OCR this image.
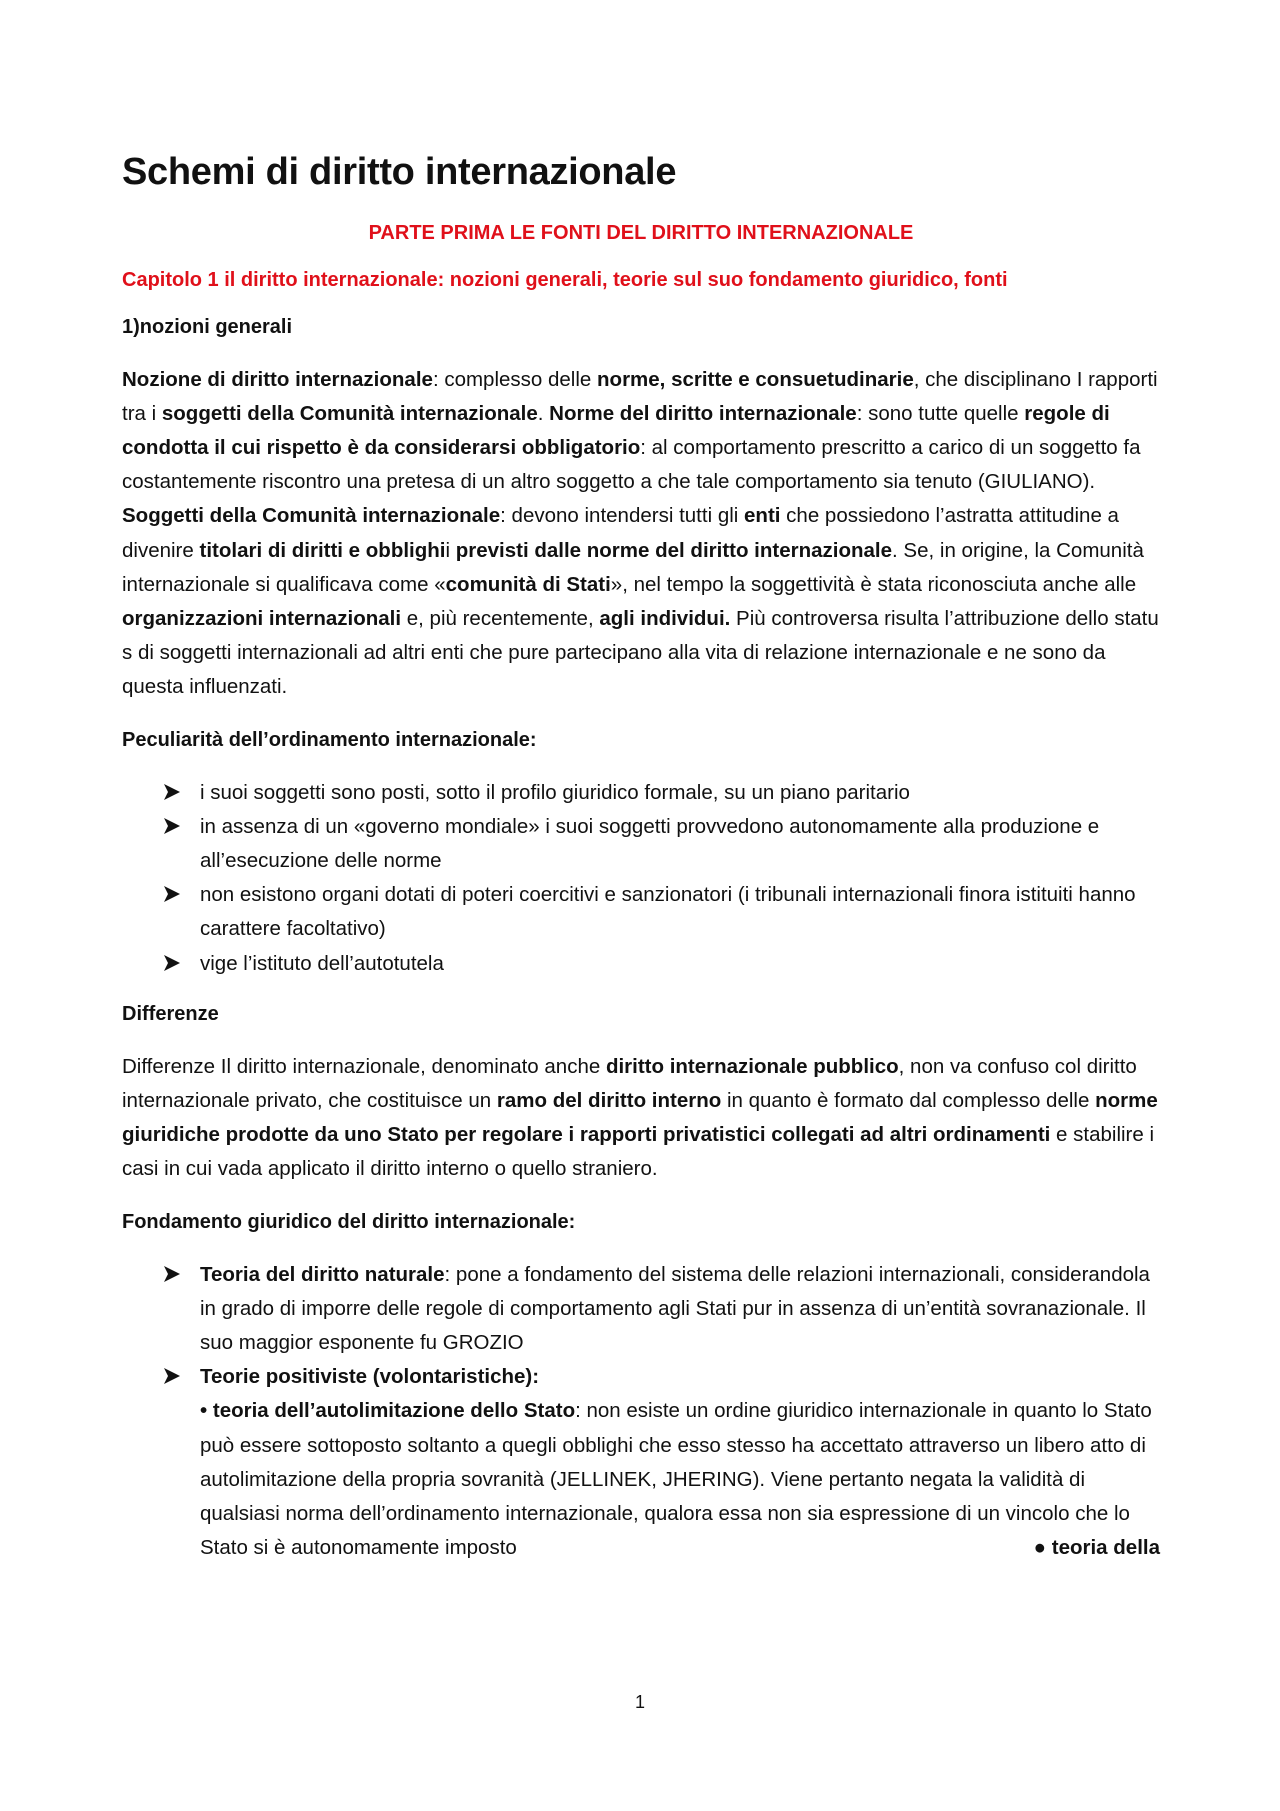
Schemi di diritto internazionale
PARTE PRIMA LE FONTI DEL DIRITTO INTERNAZIONALE
Capitolo 1 il diritto internazionale: nozioni generali, teorie sul suo fondamento giuridico, fonti
1)nozioni generali

Nozione di diritto internazionale: complesso delle norme, scritte e consuetudinarie, che disciplinano I rapporti tra i soggetti della Comunità internazionale. Norme del diritto internazionale: sono tutte quelle regole di condotta il cui rispetto è da considerarsi obbligatorio: al comportamento prescritto a carico di un soggetto fa costantemente riscontro una pretesa di un altro soggetto a che tale comportamento sia tenuto (GIULIANO). Soggetti della Comunità internazionale: devono intendersi tutti gli enti che possiedono l’astratta attitudine a divenire titolari di diritti e obblighii previsti dalle norme del diritto internazionale. Se, in origine, la Comunità internazionale si qualificava come «comunità di Stati», nel tempo la soggettività è stata riconosciuta anche alle organizzazioni internazionali e, più recentemente, agli individui. Più controversa risulta l’attribuzione dello statu s di soggetti internazionali ad altri enti che pure partecipano alla vita di relazione internazionale e ne sono da questa influenzati.

Peculiarità dell’ordinamento internazionale:
i suoi soggetti sono posti, sotto il profilo giuridico formale, su un piano paritario
in assenza di un «governo mondiale» i suoi soggetti provvedono autonomamente alla produzione e all’esecuzione delle norme
non esistono organi dotati di poteri coercitivi e sanzionatori (i tribunali internazionali finora istituiti hanno carattere facoltativo)
vige l’istituto dell’autotutela
Differenze

Differenze Il diritto internazionale, denominato anche diritto internazionale pubblico, non va confuso col diritto internazionale privato, che costituisce un ramo del diritto interno in quanto è formato dal complesso delle norme giuridiche prodotte da uno Stato per regolare i rapporti privatistici collegati ad altri ordinamenti e stabilire i casi in cui vada applicato il diritto interno o quello straniero.

Fondamento giuridico del diritto internazionale:
Teoria del diritto naturale: pone a fondamento del sistema delle relazioni internazionali, considerandola in grado di imporre delle regole di comportamento agli Stati pur in assenza di un’entità sovranazionale. Il suo maggior esponente fu GROZIO
Teorie positiviste (volontaristiche):
• teoria dell’autolimitazione dello Stato: non esiste un ordine giuridico internazionale in quanto lo Stato può essere sottoposto soltanto a quegli obblighi che esso stesso ha accettato attraverso un libero atto di autolimitazione della propria sovranità (JELLINEK, JHERING). Viene pertanto negata la validità di qualsiasi norma dell’ordinamento internazionale, qualora essa non sia espressione di un vincolo che lo Stato si è autonomamente imposto	● teoria della
1
